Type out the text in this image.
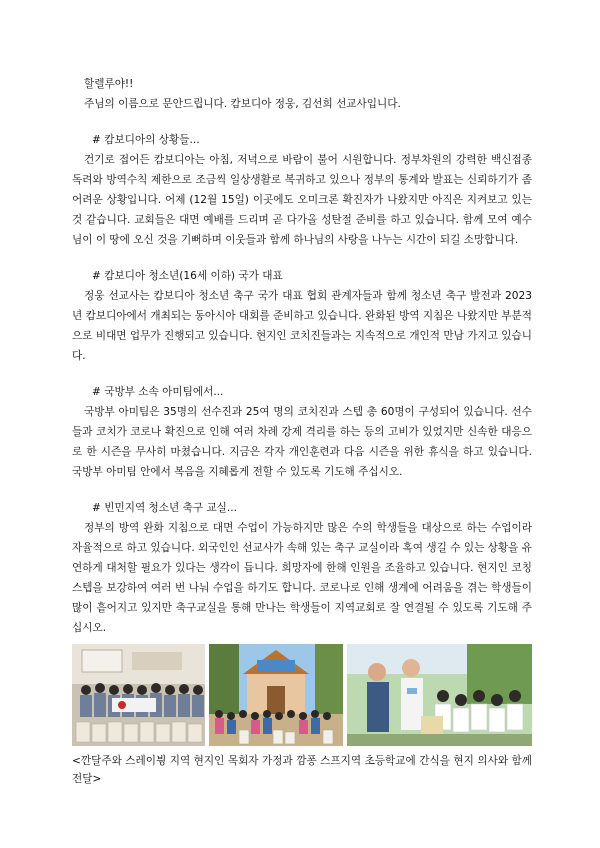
할렐루야!!

주님의 이름으로 문안드립니다. 캄보디아 정웅, 김선희 선교사입니다.

# 캄보디아의 상황들...

건기로 접어든 캄보디아는 아침, 저녁으로 바람이 불어 시원합니다. 정부차원의 강력한 백신접종 독려와 방역수칙 제한으로 조금씩 일상생활로 복귀하고 있으나 정부의 통계와 발표는 신뢰하기가 좀 어려운 상황입니다. 어제 (12월 15일) 이곳에도 오미크론 확진자가 나왔지만 아직은 지켜보고 있는 것 같습니다. 교회들은 대면 예배를 드리며 곧 다가올 성탄절 준비를 하고 있습니다. 함께 모여 예수님이 이 땅에 오신 것을 기뻐하며 이웃들과 함께 하나님의 사랑을 나누는 시간이 되길 소망합니다.

# 캄보디아 청소년(16세 이하) 국가 대표

정웅 선교사는 캄보디아 청소년 축구 국가 대표 협회 관계자들과 함께 청소년 축구 발전과 2023년 캄보디아에서 개최되는 동아시아 대회를 준비하고 있습니다. 완화된 방역 지침은 나왔지만 부분적으로 비대면 업무가 진행되고 있습니다. 현지인 코치진들과는 지속적으로 개인적 만남 가지고 있습니다.

# 국방부 소속 아미팀에서...

국방부 아미팀은 35명의 선수진과 25여 명의 코치진과 스텝 총 60명이 구성되어 있습니다. 선수들과 코치가 코로나 확진으로 인해 여러 차례 강제 격리를 하는 등의 고비가 있었지만 신속한 대응으로 한 시즌을 무사히 마쳤습니다. 지금은 각자 개인훈련과 다음 시즌을 위한 휴식을 하고 있습니다. 국방부 아미팀 안에서 복음을 지혜롭게 전할 수 있도록 기도해 주십시오.

# 빈민지역 청소년 축구 교실...

정부의 방역 완화 지침으로 대면 수업이 가능하지만 많은 수의 학생들을 대상으로 하는 수업이라 자율적으로 하고 있습니다. 외국인인 선교사가 속해 있는 축구 교실이라 혹여 생길 수 있는 상황을 유연하게 대처할 필요가 있다는 생각이 듭니다. 희망자에 한해 인원을 조율하고 있습니다. 현지인 코칭스텝을 보강하여 여러 번 나눠 수업을 하기도 합니다. 코로나로 인해 생계에 어려움을 겪는 학생들이 많이 흩어지고 있지만 축구교실을 통해 만나는 학생들이 지역교회로 잘 연결될 수 있도록 기도해 주십시오.

<깐달주와 스레이뷩 지역 현지인 목회자 가정과 깜퐁 스프지역 초등학교에 간식을 현지 의사와 함께 전달>
